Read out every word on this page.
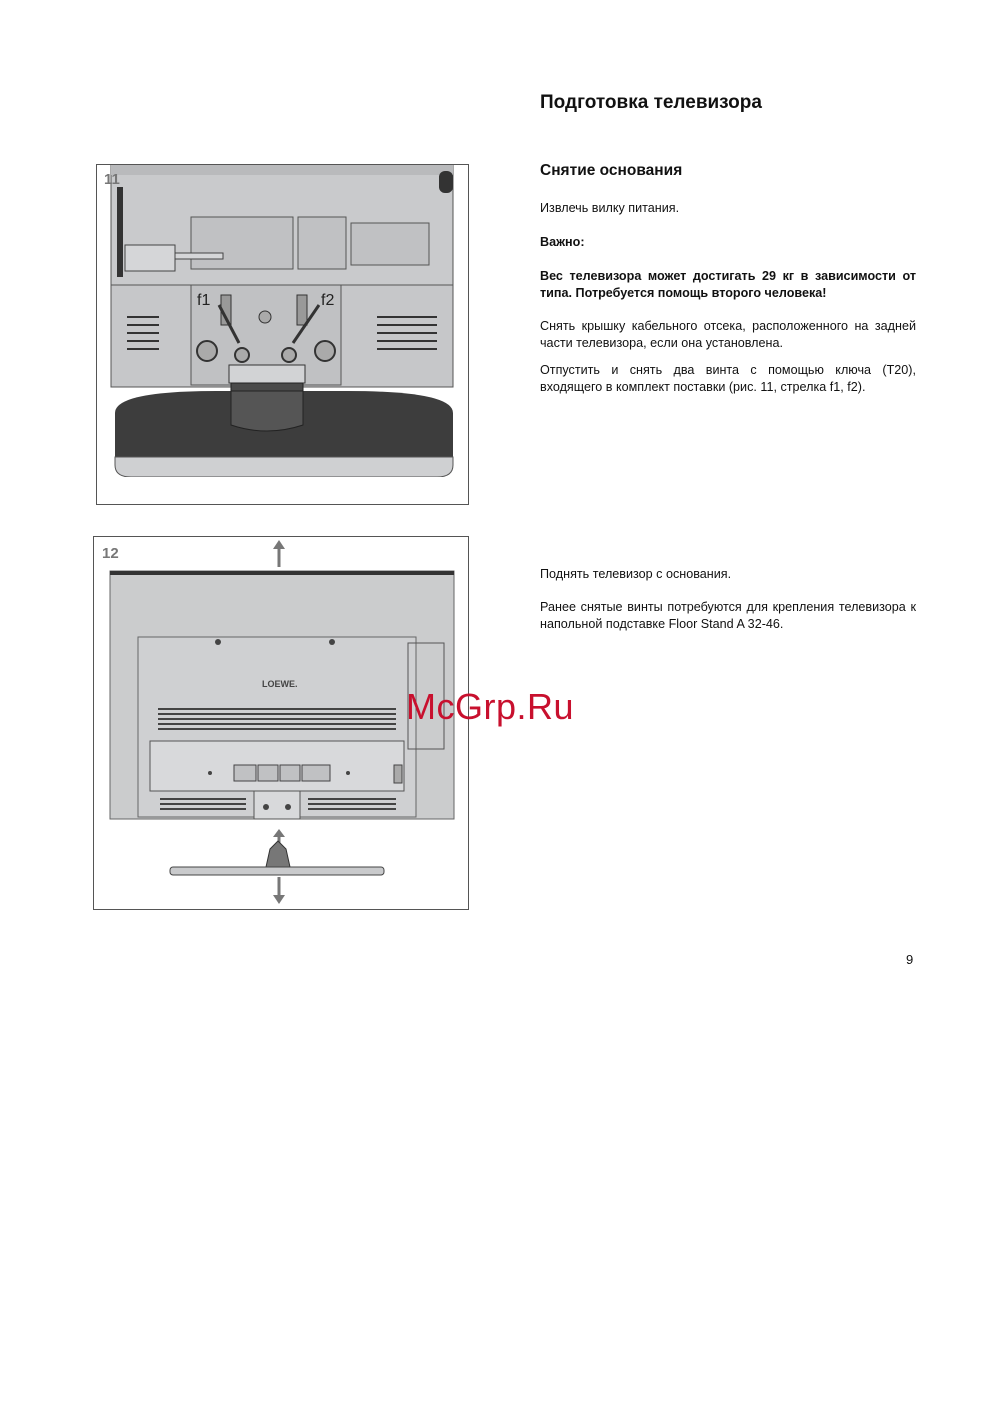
Подготовка телевизора
Снятие основания
Извлечь вилку питания.
Важно:
Вес телевизора может достигать 29 кг в зависимости от типа. Потребуется помощь второго человека!
Снять крышку кабельного отсека, расположенного на задней части телевизора, если она установлена.
Отпустить и снять два винта с помощью ключа (T20), входящего в комплект поставки (рис. 11, стрелка f1, f2).
Поднять телевизор с основания.
Ранее снятые винты потребуются для крепления телевизора к напольной подставке Floor Stand A 32-46.
f1	f2
11
LOEWE.
12
McGrp.Ru
9
